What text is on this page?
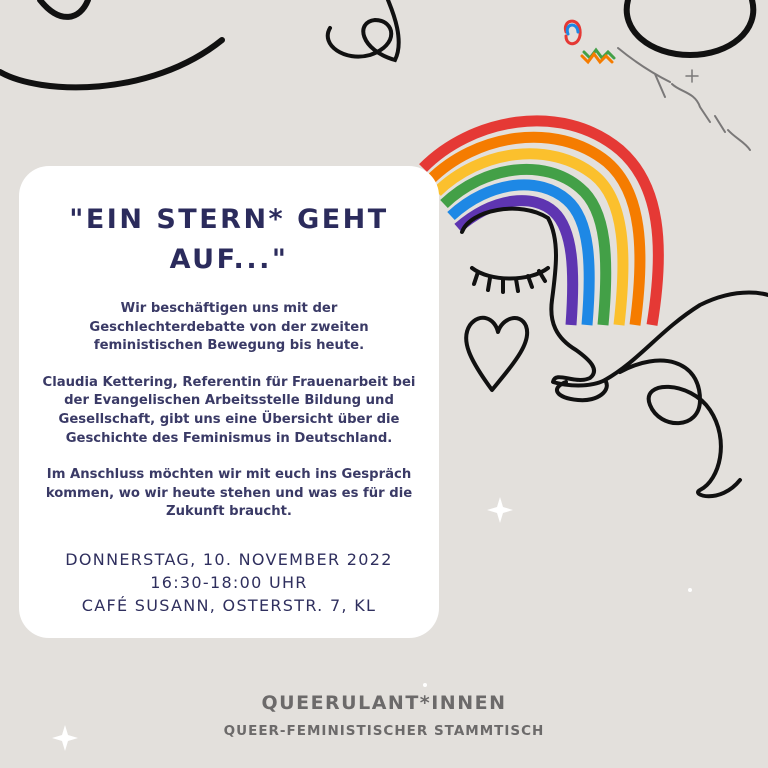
"EIN STERN* GEHT
AUF..."

Wir beschäftigen uns mit der Geschlechterdebatte von der zweiten feministischen Bewegung bis heute.

Claudia Kettering, Referentin für Frauenarbeit bei der Evangelischen Arbeitsstelle Bildung und Gesellschaft, gibt uns eine Übersicht über die Geschichte des Feminismus in Deutschland.

Im Anschluss möchten wir mit euch ins Gespräch kommen, wo wir heute stehen und was es für die Zukunft braucht.

DONNERSTAG, 10. NOVEMBER 2022
16:30-18:00 UHR
CAFÉ SUSANN, OSTERSTR. 7, KL
QUEERULANT*INNEN
QUEER-FEMINISTISCHER STAMMTISCH
